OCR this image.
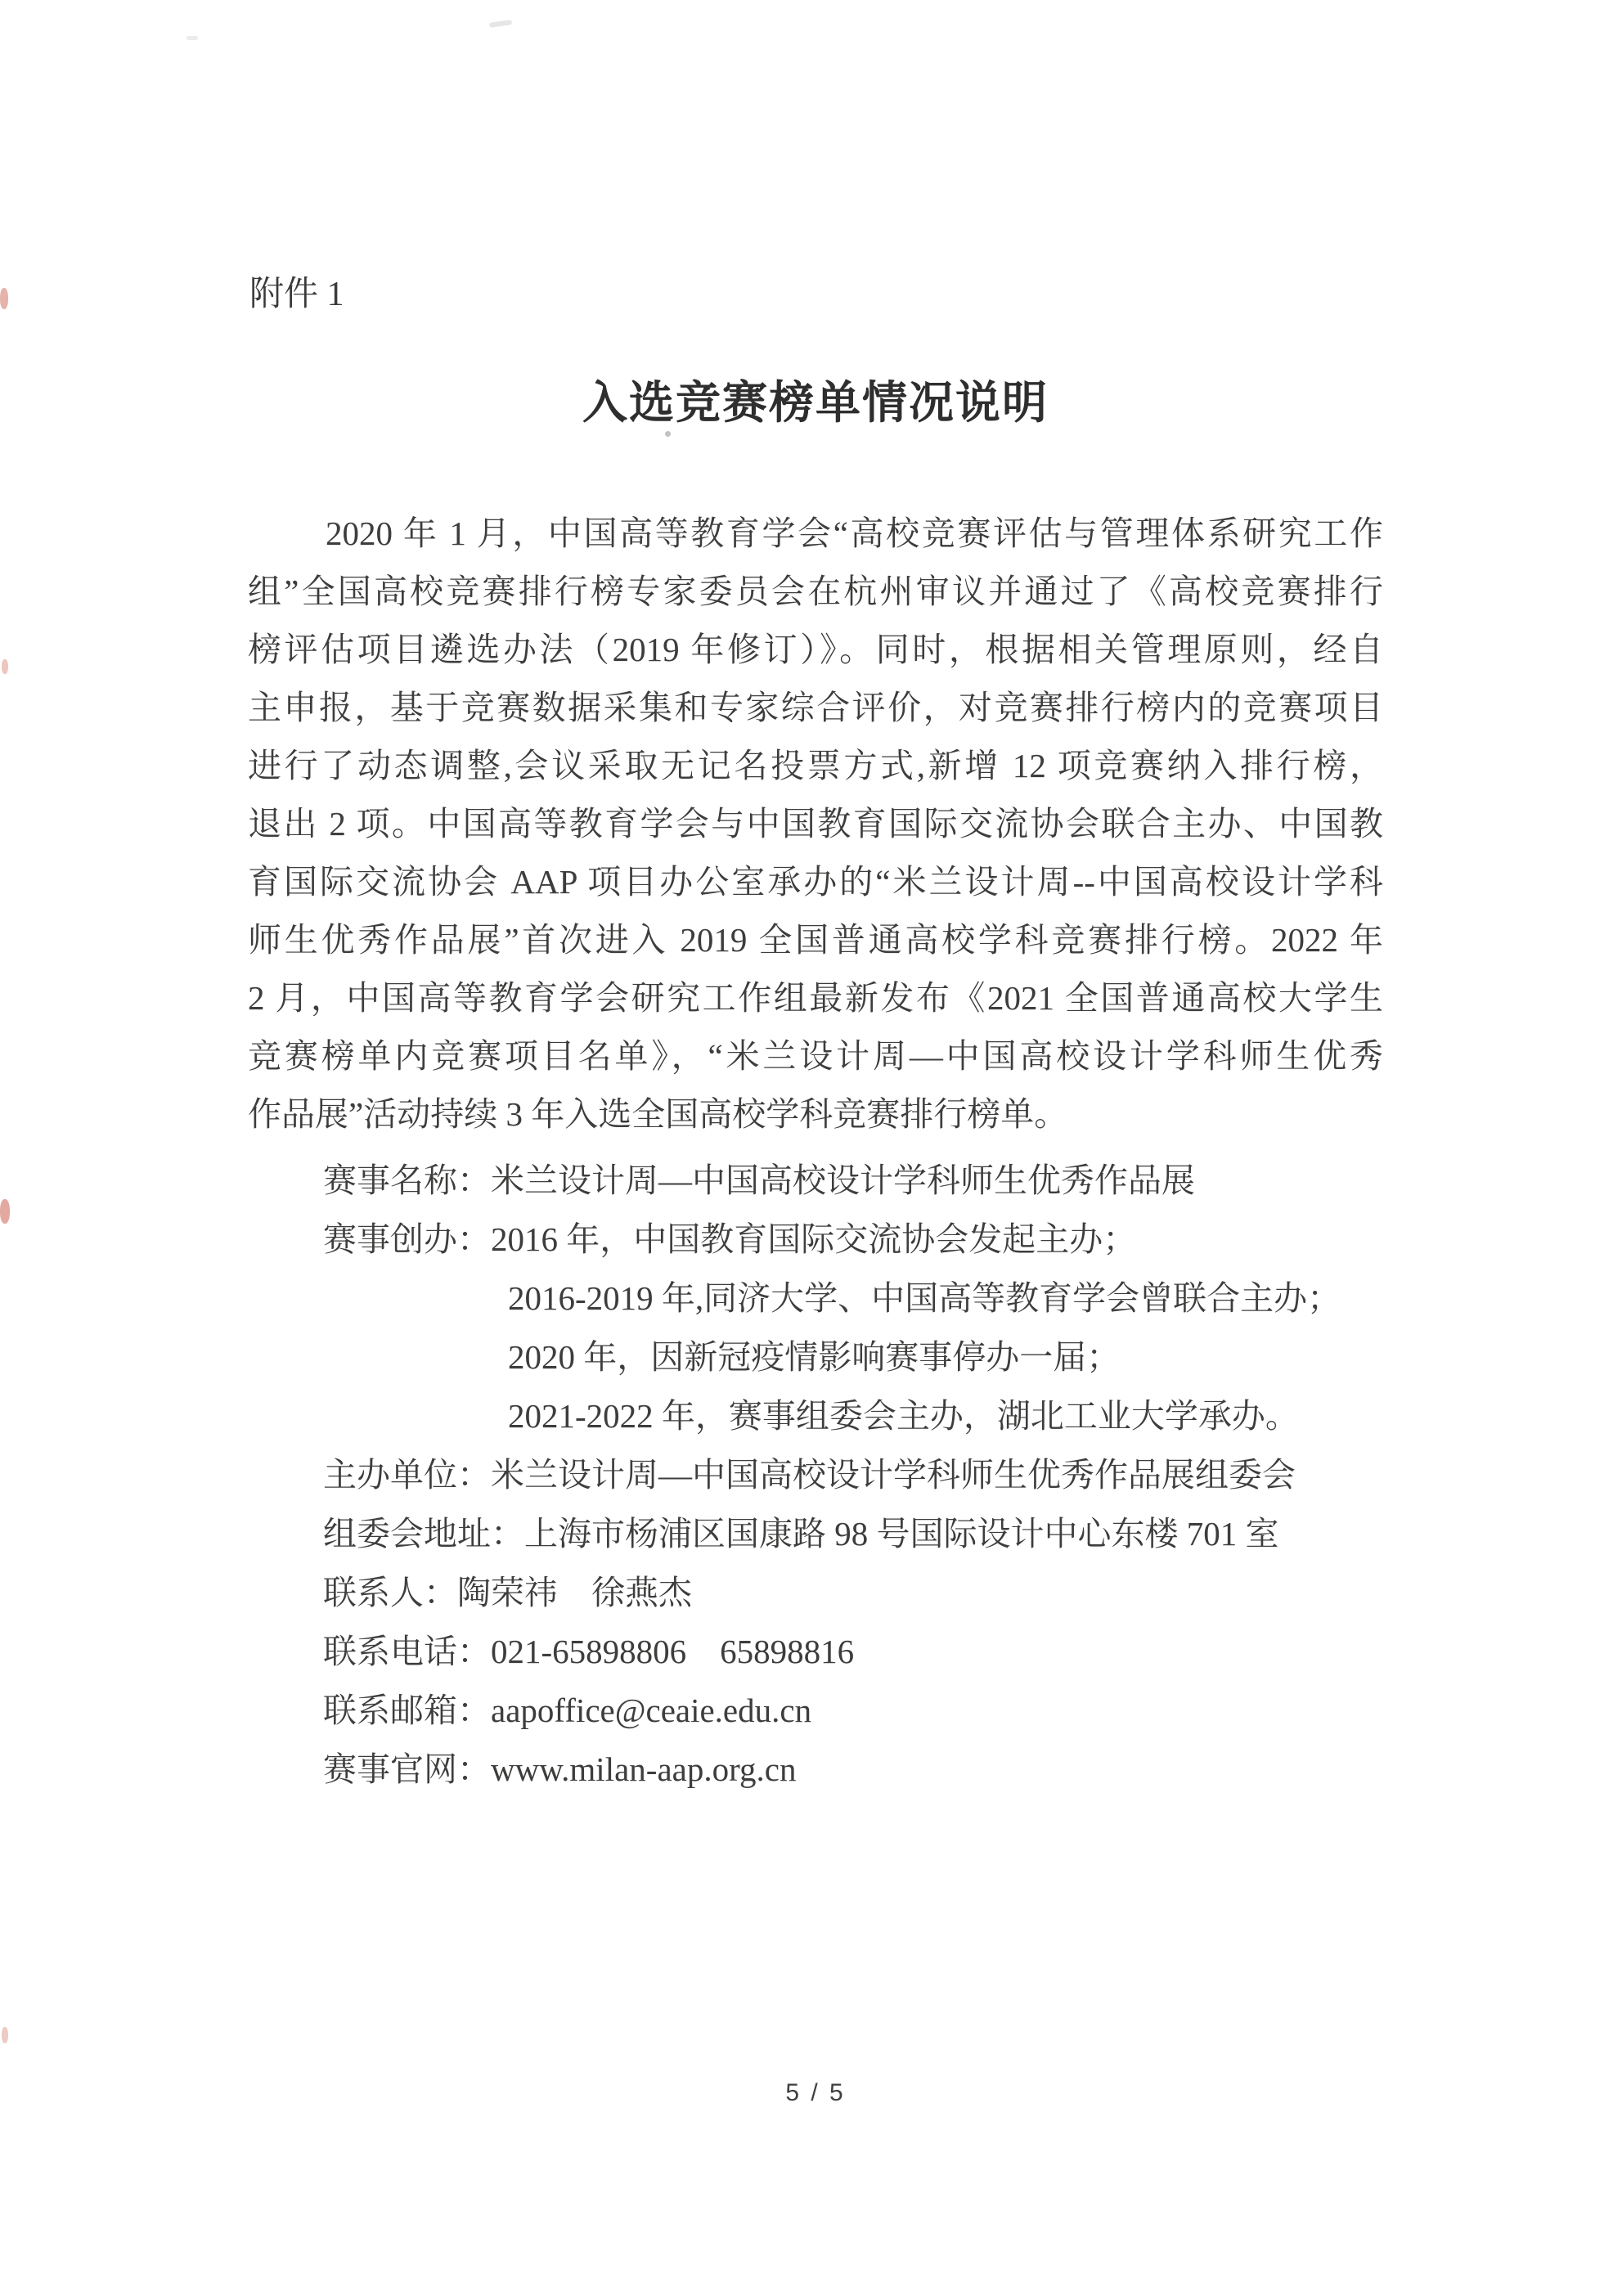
附件 1
入选竞赛榜单情况说明
2020 年 1 月，中国高等教育学会“高校竞赛评估与管理体系研究工作
组”全国高校竞赛排行榜专家委员会在杭州审议并通过了《高校竞赛排行
榜评估项目遴选办法（2019 年修订）》。同时，根据相关管理原则，经自
主申报，基于竞赛数据采集和专家综合评价，对竞赛排行榜内的竞赛项目
进行了动态调整,会议采取无记名投票方式,新增 12 项竞赛纳入排行榜，
退出 2 项。中国高等教育学会与中国教育国际交流协会联合主办、中国教
育国际交流协会 AAP 项目办公室承办的“米兰设计周--中国高校设计学科
师生优秀作品展”首次进入 2019 全国普通高校学科竞赛排行榜。2022 年
2 月，中国高等教育学会研究工作组最新发布《2021 全国普通高校大学生
竞赛榜单内竞赛项目名单》，“米兰设计周—中国高校设计学科师生优秀
作品展”活动持续 3 年入选全国高校学科竞赛排行榜单。
赛事名称：米兰设计周—中国高校设计学科师生优秀作品展
赛事创办：2016 年，中国教育国际交流协会发起主办；
2016-2019 年,同济大学、中国高等教育学会曾联合主办；
2020 年，因新冠疫情影响赛事停办一届；
2021-2022 年，赛事组委会主办，湖北工业大学承办。
主办单位：米兰设计周—中国高校设计学科师生优秀作品展组委会
组委会地址：上海市杨浦区国康路 98 号国际设计中心东楼 701 室
联系人：陶荣祎　徐燕杰
联系电话：021-65898806　65898816
联系邮箱：aapoffice@ceaie.edu.cn
赛事官网：www.milan-aap.org.cn
5 / 5
